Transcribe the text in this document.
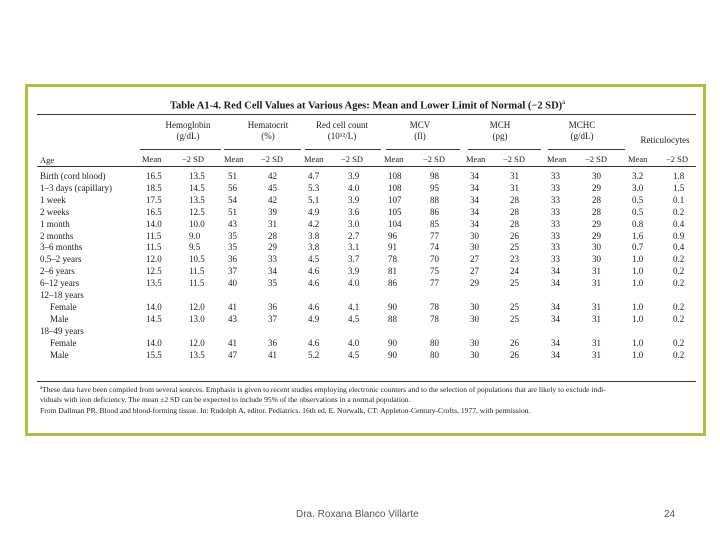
Table A1-4. Red Cell Values at Various Ages: Mean and Lower Limit of Normal (−2 SD)$^a$
Hemoglobin
(g/dL)
Mean −2 SD
Hematocrit
(%)
Mean −2 SD
Red cell count
(10¹²/L)
Mean −2 SD
MCV
(fl)
Mean −2 SD
MCH
(pg)
Mean −2 SD
MCHC
(g/dL)
Mean −2 SD
Reticulocytes
Mean −2 SD
Age
Birth (cord blood)	16.5	13.5	51	42	4.7	3.9	108	98	34	31	33	30	3.2	1.8
1–3 days (capillary)	18.5	14.5	56	45	5.3	4.0	108	95	34	31	33	29	3.0	1.5
1 week	17.5	13.5	54	42	5.1	3.9	107	88	34	28	33	28	0.5	0.1
2 weeks	16.5	12.5	51	39	4.9	3.6	105	86	34	28	33	28	0.5	0.2
1 month	14.0	10.0	43	31	4.2	3.0	104	85	34	28	33	29	0.8	0.4
2 months	11.5	9.0	35	28	3.8	2.7	96	77	30	26	33	29	1.6	0.9
3–6 months	11.5	9.5	35	29	3.8	3.1	91	74	30	25	33	30	0.7	0.4
0.5–2 years	12.0	10.5	36	33	4.5	3.7	78	70	27	23	33	30	1.0	0.2
2–6 years	12.5	11.5	37	34	4.6	3.9	81	75	27	24	34	31	1.0	0.2
6–12 years	13.5	11.5	40	35	4.6	4.0	86	77	29	25	34	31	1.0	0.2
12–18 years
Female	14.0	12.0	41	36	4.6	4.1	90	78	30	25	34	31	1.0	0.2
Male	14.5	13.0	43	37	4.9	4.5	88	78	30	25	34	31	1.0	0.2
18–49 years
Female	14.0	12.0	41	36	4.6	4.0	90	80	30	26	34	31	1.0	0.2
Male	15.5	13.5	47	41	5.2	4.5	90	80	30	26	34	31	1.0	0.2
ªThese data have been compiled from several sources. Emphasis is given to recent studies employing electronic counters and to the selection of populations that are likely to exclude indi-
viduals with iron deficiency. The mean ±2 SD can be expected to include 95% of the observations in a normal population.
From Dallman PR. Blood and blood-forming tissue. In: Rudolph A, editor. Pediatrics. 16th ed. E. Norwalk, CT: Appleton-Century-Crofts, 1977, with permission.
Dra. Roxana Blanco Villarte	24
